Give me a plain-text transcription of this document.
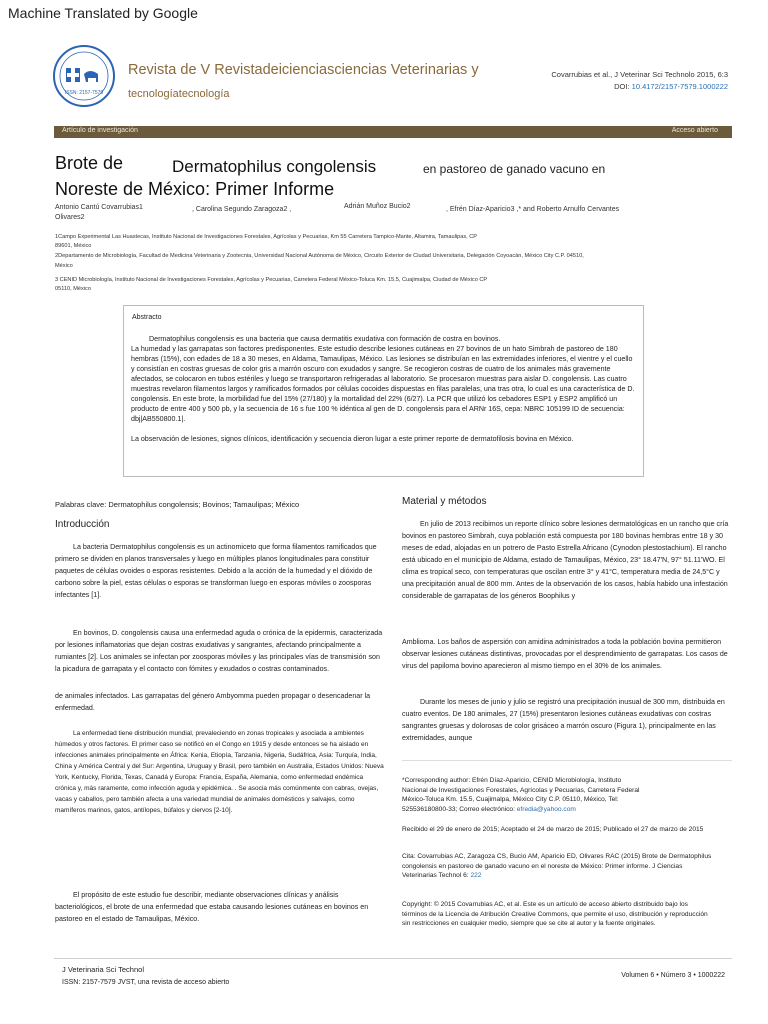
Machine Translated by Google
ISSN: 2157-7579
Revista de V Revistadeicienciasciencias Veterinarias y
tecnologíatecnología
Covarrubias et al., J Veterinar Sci Technolo 2015, 6:3
DOI: 10.4172/2157-7579.1000222
Artículo de investigación	Acceso abierto
Brote de	Dermatophilus congolensis	en pastoreo de ganado vacuno en
Noreste de México: Primer Informe
Antonio Cantú Covarrubias1
Olivares2
, Carolina Segundo Zaragoza2 ,	Adrián Muñoz Bucio2	, Efrén Díaz-Aparicio3 ,* and Roberto Arnulfo Cervantes
1Campo Experimental Las Huastecas, Instituto Nacional de Investigaciones Forestales, Agrícolas y Pecuarias, Km 55 Carretera Tampico-Mante, Altamira, Tamaulipas, CP
89601, México
2Departamento de Microbiología, Facultad de Medicina Veterinaria y Zootecnia, Universidad Nacional Autónoma de México, Circuito Exterior de Ciudad Universitaria, Delegación Coyoacán, México City C.P. 04510,
México
3 CENID Microbiología, Instituto Nacional de Investigaciones Forestales, Agrícolas y Pecuarias, Carretera Federal México-Toluca Km. 15.5, Cuajimalpa, Ciudad de México CP
05110, México
Abstracto

Dermatophilus congolensis es una bacteria que causa dermatitis exudativa con formación de costra en bovinos.

La humedad y las garrapatas son factores predisponentes. Este estudio describe lesiones cutáneas en 27 bovinos de un hato Simbrah de pastoreo de 180 hembras (15%), con edades de 18 a 30 meses, en Aldama, Tamaulipas, México. Las lesiones se distribuían en las extremidades inferiores, el vientre y el cuello y consistían en costras gruesas de color gris a marrón oscuro con exudados y sangre. Se recogieron costras de cuatro de los animales más gravemente afectados, se colocaron en tubos estériles y luego se transportaron refrigeradas al laboratorio. Se procesaron muestras para aislar D. congolensis. Las cuatro muestras revelaron filamentos largos y ramificados formados por células cocoides dispuestas en filas paralelas, una tras otra, lo cual es una característica de D. congolensis. En este brote, la morbilidad fue del 15% (27/180) y la mortalidad del 22% (6/27). La PCR que utilizó los cebadores ESP1 y ESP2 amplificó un producto de entre 400 y 500 pb, y la secuencia de 16 s fue 100 % idéntica al gen de D. congolensis para el ARNr 16S, cepa: NBRC 105199 ID de secuencia: dbj|AB550800.1|.

La observación de lesiones, signos clínicos, identificación y secuencia dieron lugar a este primer reporte de dermatofilosis bovina en México.

Palabras clave: Dermatophilus congolensis; Bovinos; Tamaulipas; México
Introducción

La bacteria Dermatophilus congolensis es un actinomiceto que forma filamentos ramificados que primero se dividen en planos transversales y luego en múltiples planos longitudinales para constituir paquetes de células ovoides o esporas resistentes. Debido a la acción de la humedad y el dióxido de carbono sobre la piel, estas células o esporas se transforman luego en esporas móviles o zoosporas infectantes [1].

En bovinos, D. congolensis causa una enfermedad aguda o crónica de la epidermis, caracterizada por lesiones inflamatorias que dejan costras exudativas y sangrantes, afectando principalmente a rumiantes [2]. Los animales se infectan por zoosporas móviles y las principales vías de transmisión son la picadura de garrapata y el contacto con fómites y exudados o costras contaminados.

de animales infectados. Las garrapatas del género Ambyomma pueden propagar o desencadenar la enfermedad.

La enfermedad tiene distribución mundial, prevaleciendo en zonas tropicales y asociada a ambientes húmedos y otros factores. El primer caso se notificó en el Congo en 1915 y desde entonces se ha aislado en infecciones animales principalmente en África: Kenia, Etiopía, Tanzania, Nigeria, Sudáfrica, Asia: Turquía, India, China y América Central y del Sur: Argentina, Uruguay y Brasil, pero también en Australia, Estados Unidos: Nueva York, Kentucky, Florida, Texas, Canadá y Europa: Francia, España, Alemania, como enfermedad endémica crónica y, más raramente, como infección aguda y epidémica. . Se asocia más comúnmente con cabras, ovejas, vacas y caballos, pero también afecta a una variedad mundial de animales domésticos y salvajes, como mamíferos marinos, gatos, antílopes, búfalos y ciervos [2-10].

El propósito de este estudio fue describir, mediante observaciones clínicas y análisis bacteriológicos, el brote de una enfermedad que estaba causando lesiones cutáneas en bovinos en pastoreo en el estado de Tamaulipas, México.

Material y métodos

En julio de 2013 recibimos un reporte clínico sobre lesiones dermatológicas en un rancho que cría bovinos en pastoreo Simbrah, cuya población está compuesta por 180 bovinas hembras entre 18 y 30 meses de edad, alojadas en un potrero de Pasto Estrella Africano (Cynodon plestostachium). El rancho está ubicado en el municipio de Aldama, estado de Tamaulipas, México, 23° 18.47'N, 97° 51.11'WO. El clima es tropical seco, con temperaturas que oscilan entre 3° y 41°C, temperatura media de 24,5°C y una precipitación anual de 800 mm. Antes de la observación de los casos, había habido una infestación considerable de garrapatas de los géneros Boophilus y

Amblioma. Los baños de aspersión con amidina administrados a toda la población bovina permitieron observar lesiones cutáneas distintivas, provocadas por el desprendimiento de garrapatas. Los casos de virus del papiloma bovino aparecieron al mismo tiempo en el 30% de los animales.

Durante los meses de junio y julio se registró una precipitación inusual de 300 mm, distribuida en cuatro eventos. De 180 animales, 27 (15%) presentaron lesiones cutáneas exudativas con costras sangrantes gruesas y dolorosas de color grisáceo a marrón oscuro (Figura 1), principalmente en las extremidades, aunque

*Corresponding author: Efrén Díaz-Aparicio, CENID Microbiología, Instituto
Nacional de Investigaciones Forestales, Agrícolas y Pecuarias, Carretera Federal
México-Toluca Km. 15.5, Cuajimalpa, México City C.P. 05110, México, Tel:
525536180800-33; Correo electrónico: efredia@yahoo.com
Recibido el 29 de enero de 2015; Aceptado el 24 de marzo de 2015; Publicado el 27 de marzo de 2015
Cita: Covarrubias AC, Zaragoza CS, Bucio AM, Aparicio ED, Olivares RAC (2015) Brote de Dermatophilus
congolensis en pastoreo de ganado vacuno en el noreste de México: Primer informe. J Ciencias
Veterinarias Technol 6: 222
Copyright: © 2015 Covarrubias AC, et al. Este es un artículo de acceso abierto distribuido bajo los
términos de la Licencia de Atribución Creative Commons, que permite el uso, distribución y reproducción
sin restricciones en cualquier medio, siempre que se cite al autor y la fuente originales.
J Veterinaria Sci Technol
ISSN: 2157-7579 JVST, una revista de acceso abierto
Volumen 6 • Número 3 • 1000222
